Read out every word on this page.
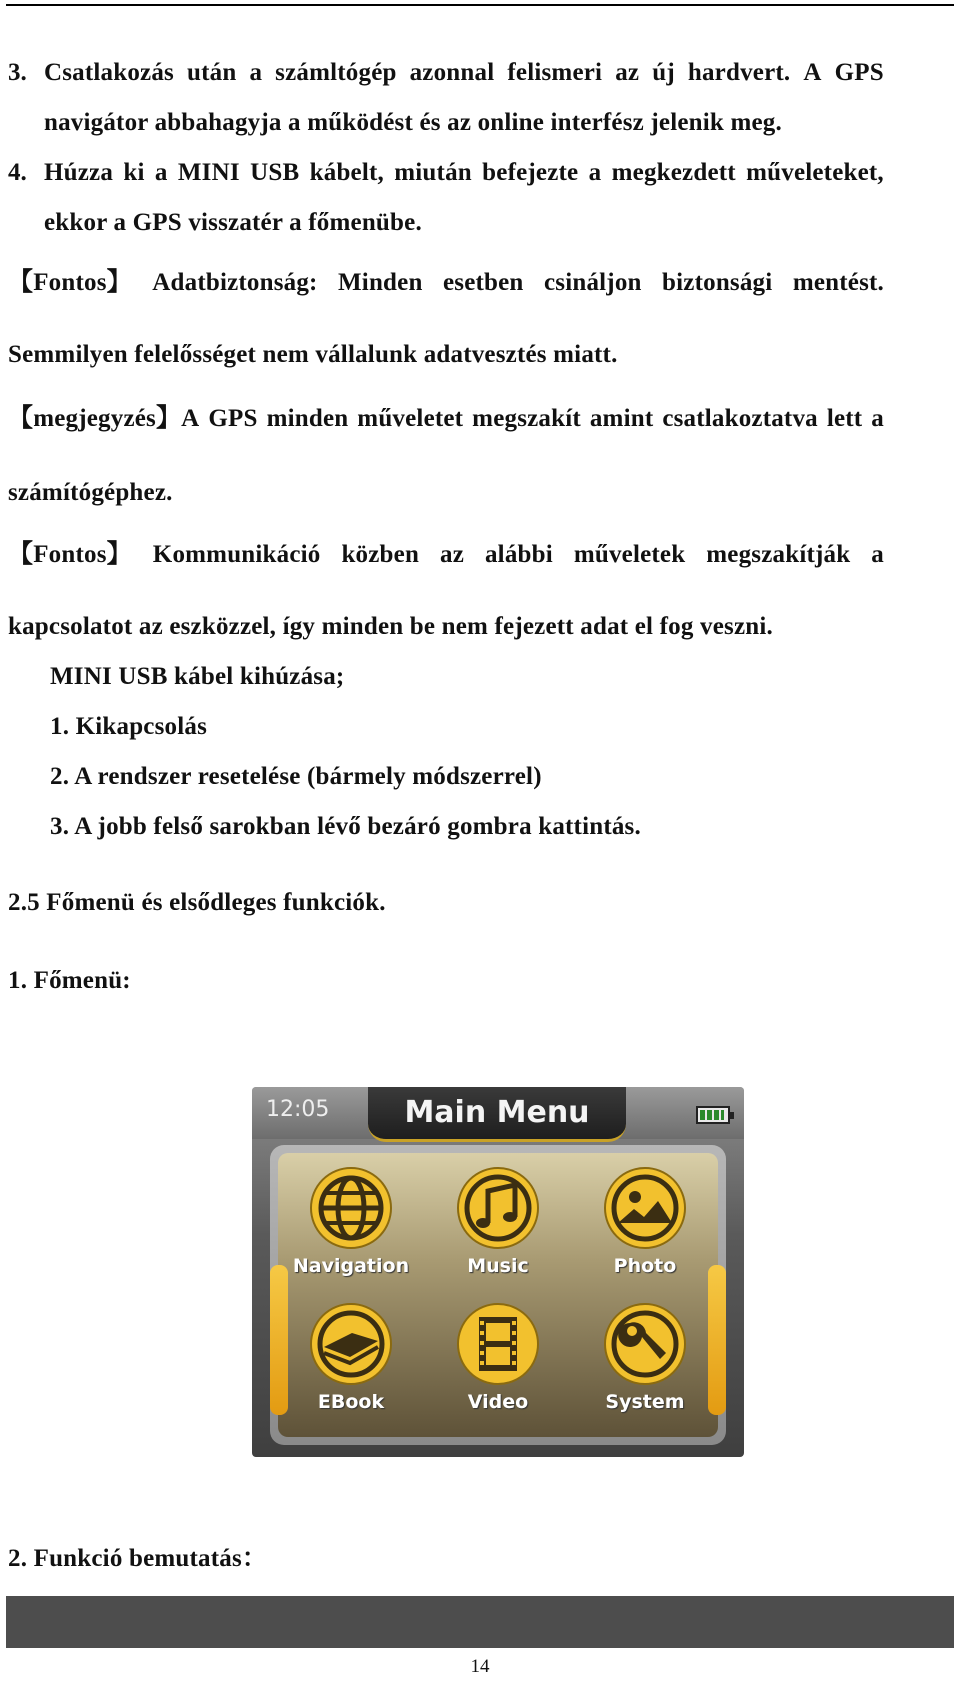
3. Csatlakozás után a számltógép azonnal felismeri az új hardvert. A GPS
navigátor abbahagyja a működést és az online interfész jelenik meg.
4. Húzza ki a MINI USB kábelt, miután befejezte a megkezdett műveleteket,
ekkor a GPS visszatér a főmenübe.
【Fontos】 Adatbiztonság: Minden esetben csináljon biztonsági mentést.
Semmilyen felelősséget nem vállalunk adatvesztés miatt.
【megjegyzés】A GPS minden műveletet megszakít amint csatlakoztatva lett a
számítógéphez.
【Fontos】 Kommunikáció közben az alábbi műveletek megszakítják a
kapcsolatot az eszközzel, így minden be nem fejezett adat el fog veszni.
MINI USB kábel kihúzása;
1. Kikapcsolás
2. A rendszer resetelése (bármely módszerrel)
3. A jobb felső sarokban lévő bezáró gombra kattintás.
2.5 Főmenü és elsődleges funkciók.
1. Főmenü:
12:05	Main Menu
Navigation	Music	Photo
EBook	Video	System
2. Funkció bemutatás：
14
